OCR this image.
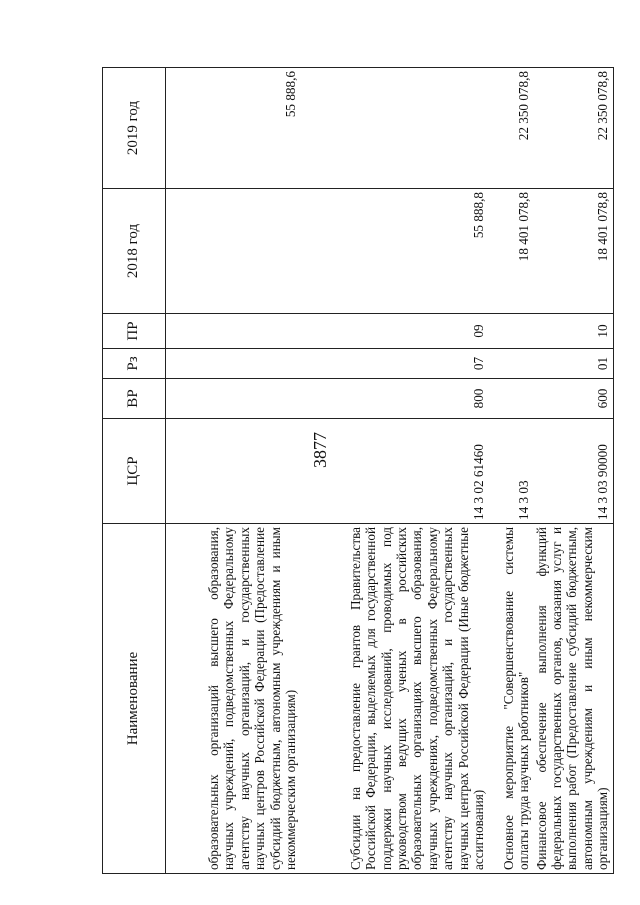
3877
Наименование	ЦСР	ВР	Рз	ПР	2018 год	2019 год
образовательных организаций высшего образования, научных учреждений, подведомственных Федеральному агентству научных организаций, и государственных научных центров Российской Федерации (Предоставление субсидий бюджетным, автономным учреждениям и иным некоммерческим организациям)						55 888,6
Субсидии на предоставление грантов Правительства Российской Федерации, выделяемых для государственной поддержки научных исследований, проводимых под руководством ведущих ученых в российских образовательных организациях высшего образования, научных учреждениях, подведомственных Федеральному агентству научных организаций, и государственных научных центрах Российской Федерации (Иные бюджетные ассигнования)	14 3 02 61460	800	07	09	55 888,8	
Основное мероприятие "Совершенствование системы оплаты труда научных работников"	14 3 03				18 401 078,8	22 350 078,8
Финансовое обеспечение выполнения функций федеральных государственных органов, оказания услуг и выполнения работ (Предоставление субсидий бюджетным, автономным учреждениям и иным некоммерческим организациям)	14 3 03 90000	600	01	10	18 401 078,8	22 350 078,8
